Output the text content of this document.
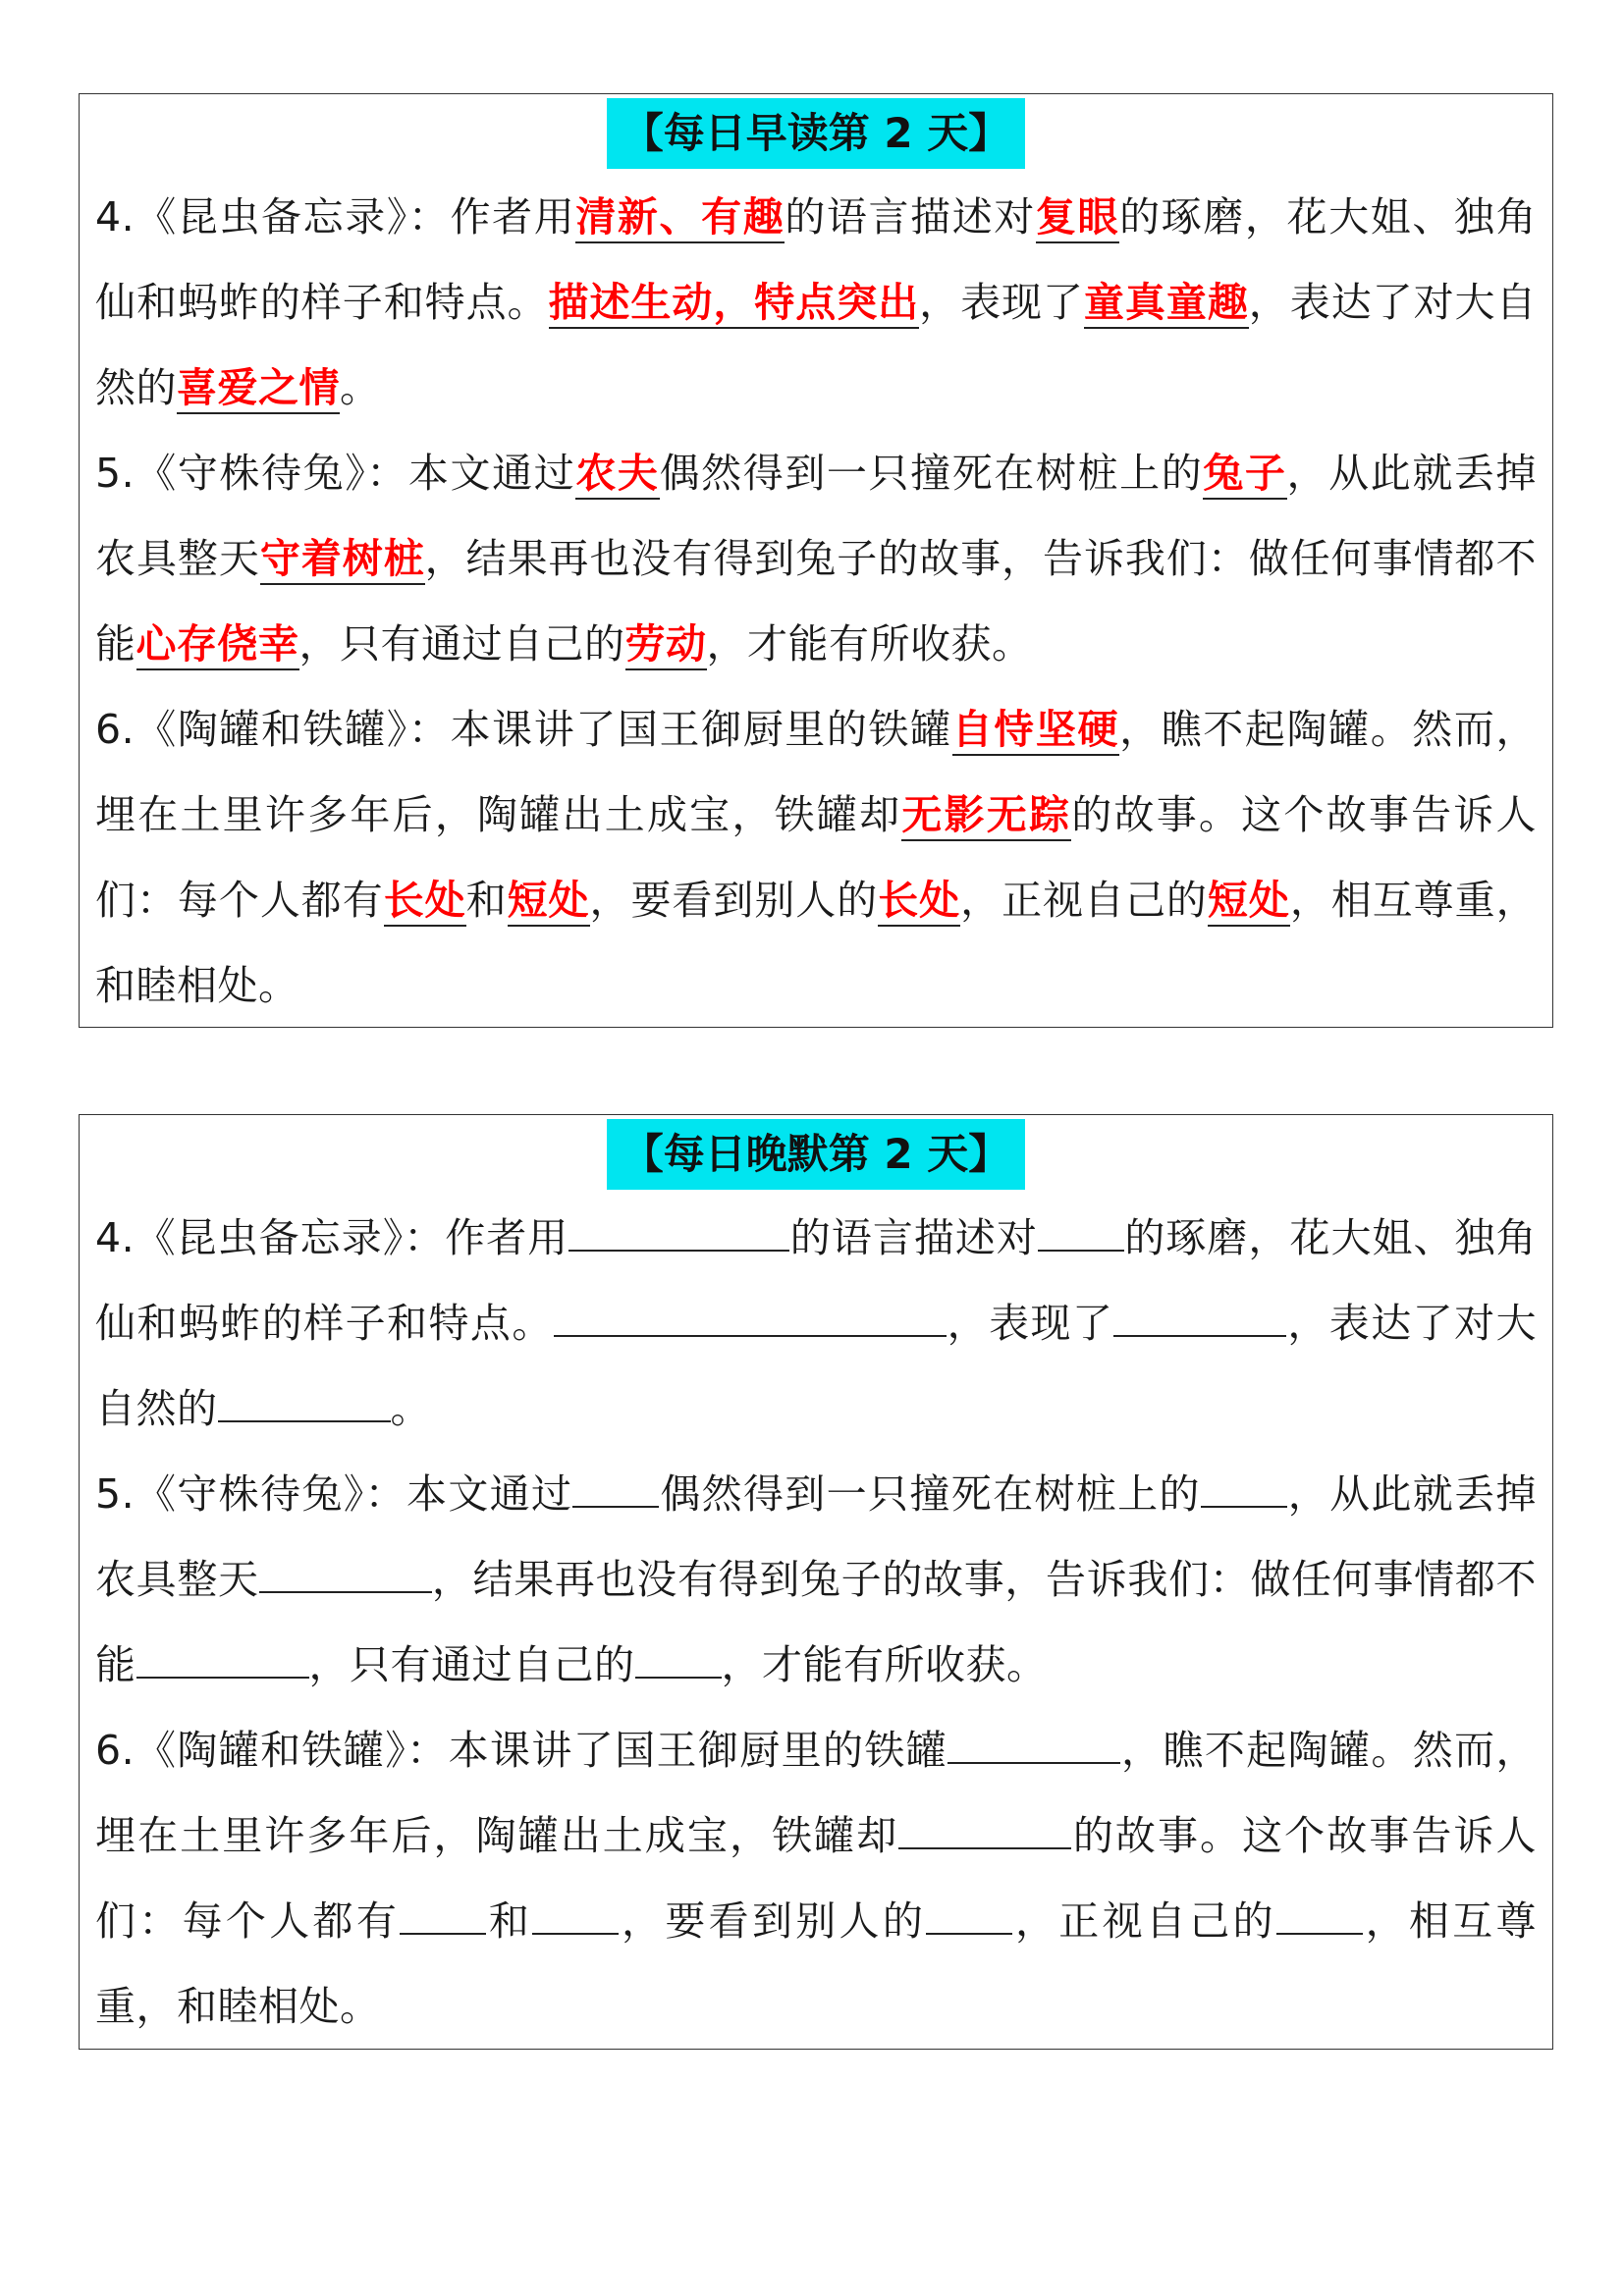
【每日早读第 2 天】

4.《昆虫备忘录》：作者用清新、有趣的语言描述对复眼的琢磨，花大姐、独角仙和蚂蚱的样子和特点。描述生动，特点突出，表现了童真童趣，表达了对大自然的喜爱之情。

5.《守株待兔》：本文通过农夫偶然得到一只撞死在树桩上的兔子，从此就丢掉农具整天守着树桩，结果再也没有得到兔子的故事，告诉我们：做任何事情都不能心存侥幸，只有通过自己的劳动，才能有所收获。

6.《陶罐和铁罐》：本课讲了国王御厨里的铁罐自恃坚硬，瞧不起陶罐。然而，埋在土里许多年后，陶罐出土成宝，铁罐却无影无踪的故事。这个故事告诉人们：每个人都有长处和短处，要看到别人的长处，正视自己的短处，相互尊重，和睦相处。

【每日晚默第 2 天】

4.《昆虫备忘录》：作者用	的语言描述对 的琢磨，花大姐、独角仙和蚂蚱的样子和特点。	，表现了	，表达了对大自然的	。

5.《守株待兔》：本文通过 偶然得到一只撞死在树桩上的 ，从此就丢掉农具整天	，结果再也没有得到兔子的故事，告诉我们：做任何事情都不能	，只有通过自己的 ，才能有所收获。

6.《陶罐和铁罐》：本课讲了国王御厨里的铁罐	，瞧不起陶罐。然而，埋在土里许多年后，陶罐出土成宝，铁罐却	的故事。这个故事告诉人们：每个人都有 和 ，要看到别人的 ，正视自己的 ，相互尊重，和睦相处。
